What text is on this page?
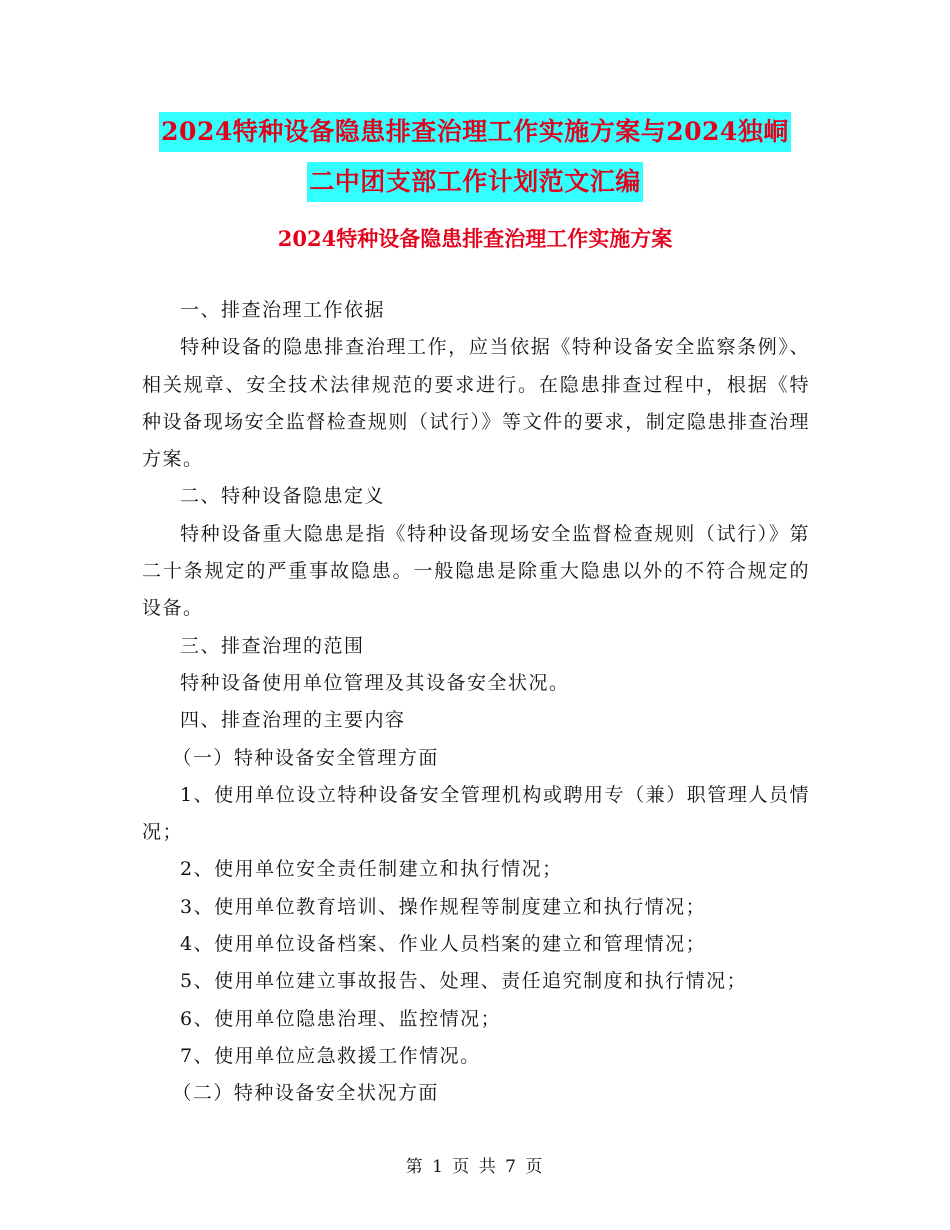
2024特种设备隐患排查治理工作实施方案与2024独峒
二中团支部工作计划范文汇编
2024特种设备隐患排查治理工作实施方案

一、排查治理工作依据

特种设备的隐患排查治理工作，应当依据《特种设备安全监察条例》、相关规章、安全技术法律规范的要求进行。在隐患排查过程中，根据《特种设备现场安全监督检查规则（试行）》等文件的要求，制定隐患排查治理方案。

二、特种设备隐患定义

特种设备重大隐患是指《特种设备现场安全监督检查规则（试行）》第二十条规定的严重事故隐患。一般隐患是除重大隐患以外的不符合规定的设备。

三、排查治理的范围

特种设备使用单位管理及其设备安全状况。

四、排查治理的主要内容

（一）特种设备安全管理方面

1、使用单位设立特种设备安全管理机构或聘用专（兼）职管理人员情况；

2、使用单位安全责任制建立和执行情况；

3、使用单位教育培训、操作规程等制度建立和执行情况；

4、使用单位设备档案、作业人员档案的建立和管理情况；

5、使用单位建立事故报告、处理、责任追究制度和执行情况；

6、使用单位隐患治理、监控情况；

7、使用单位应急救援工作情况。

（二）特种设备安全状况方面

第 1 页 共 7 页
